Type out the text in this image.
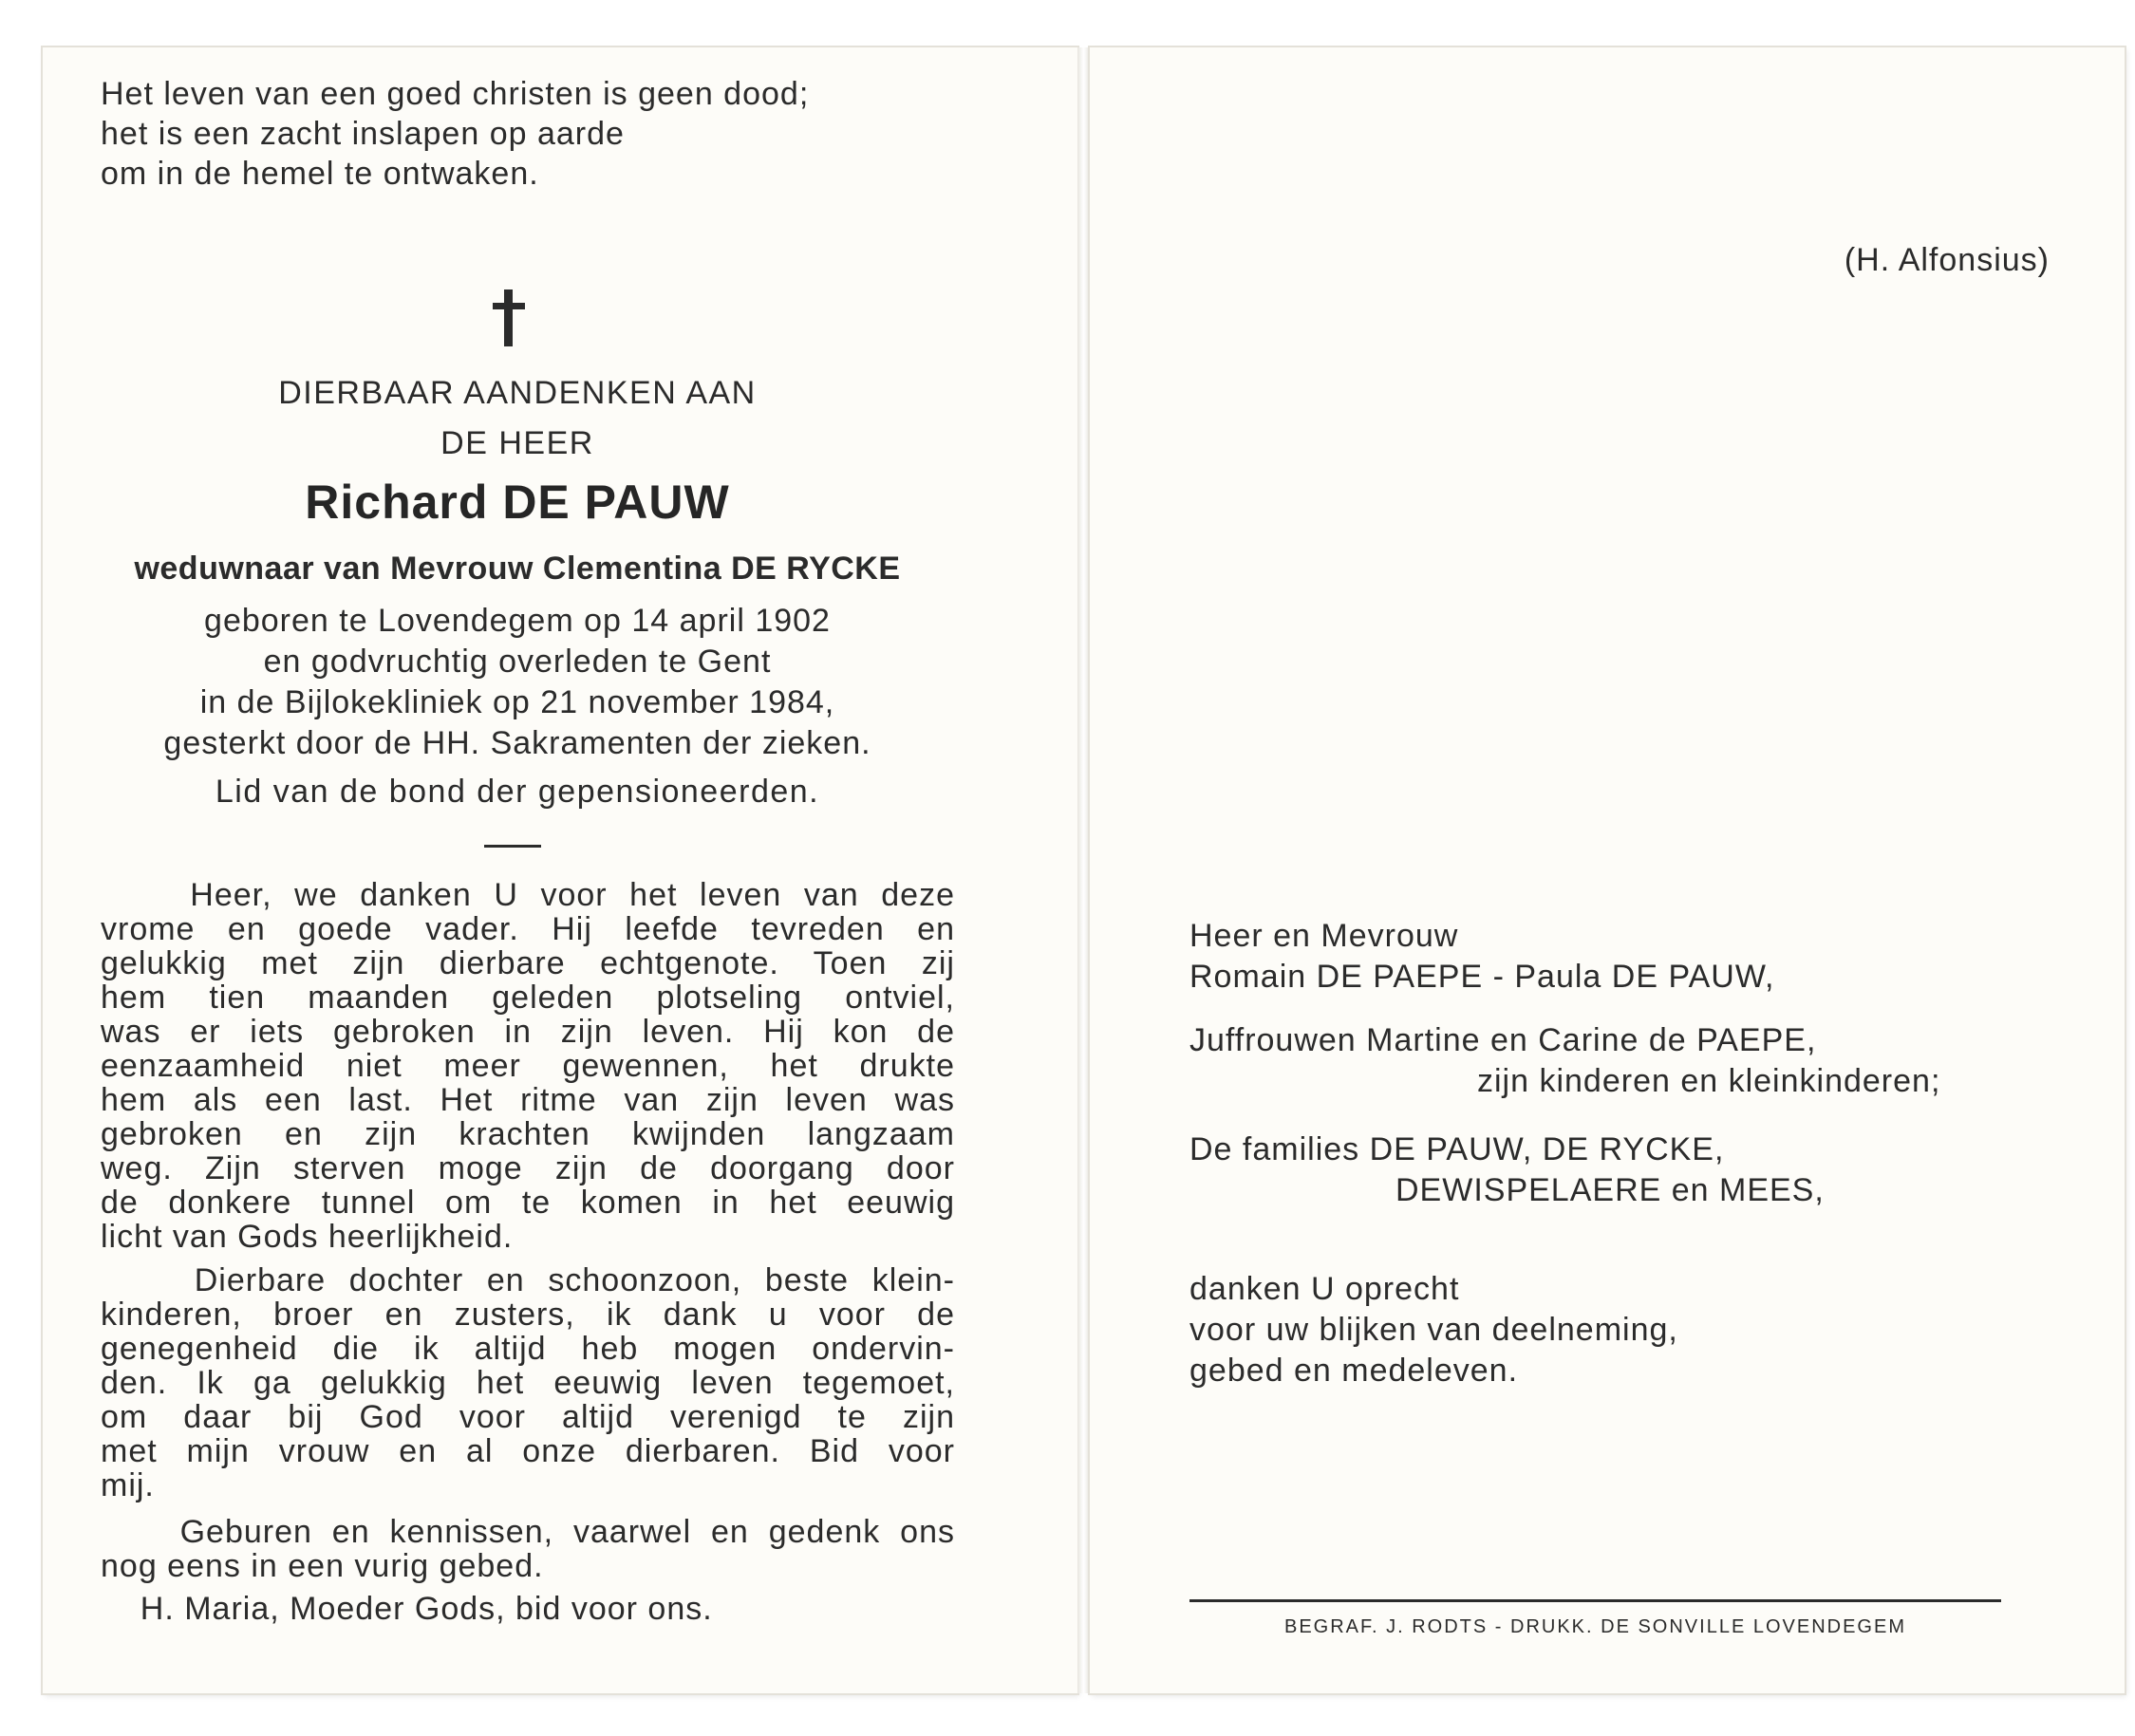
Het leven van een goed christen is geen dood;
het is een zacht inslapen op aarde
om in de hemel te ontwaken.
(H. Alfonsius)
DIERBAAR AANDENKEN AAN
DE HEER
Richard DE PAUW
weduwnaar van Mevrouw Clementina DE RYCKE
geboren te Lovendegem op 14 april 1902
en godvruchtig overleden te Gent
in de Bijlokekliniek op 21 november 1984,
gesterkt door de HH. Sakramenten der zieken.
Lid van de bond der gepensioneerden.
Heer, we danken U voor het leven van deze
vrome en goede vader. Hij leefde tevreden en
gelukkig met zijn dierbare echtgenote. Toen zij
hem tien maanden geleden plotseling ontviel,
was er iets gebroken in zijn leven. Hij kon de
eenzaamheid niet meer gewennen, het drukte
hem als een last. Het ritme van zijn leven was
gebroken en zijn krachten kwijnden langzaam
weg. Zijn sterven moge zijn de doorgang door
de donkere tunnel om te komen in het eeuwig
licht van Gods heerlijkheid.
Dierbare dochter en schoonzoon, beste klein-
kinderen, broer en zusters, ik dank u voor de
genegenheid die ik altijd heb mogen ondervin-
den. Ik ga gelukkig het eeuwig leven tegemoet,
om daar bij God voor altijd verenigd te zijn
met mijn vrouw en al onze dierbaren. Bid voor
mij.
Geburen en kennissen, vaarwel en gedenk ons
nog eens in een vurig gebed.
H. Maria, Moeder Gods, bid voor ons.
Heer en Mevrouw
Romain DE PAEPE - Paula DE PAUW,
Juffrouwen Martine en Carine de PAEPE,
zijn kinderen en kleinkinderen;
De families DE PAUW, DE RYCKE,
DEWISPELAERE en MEES,
danken U oprecht
voor uw blijken van deelneming,
gebed en medeleven.
BEGRAF. J. RODTS - DRUKK. DE SONVILLE LOVENDEGEM
